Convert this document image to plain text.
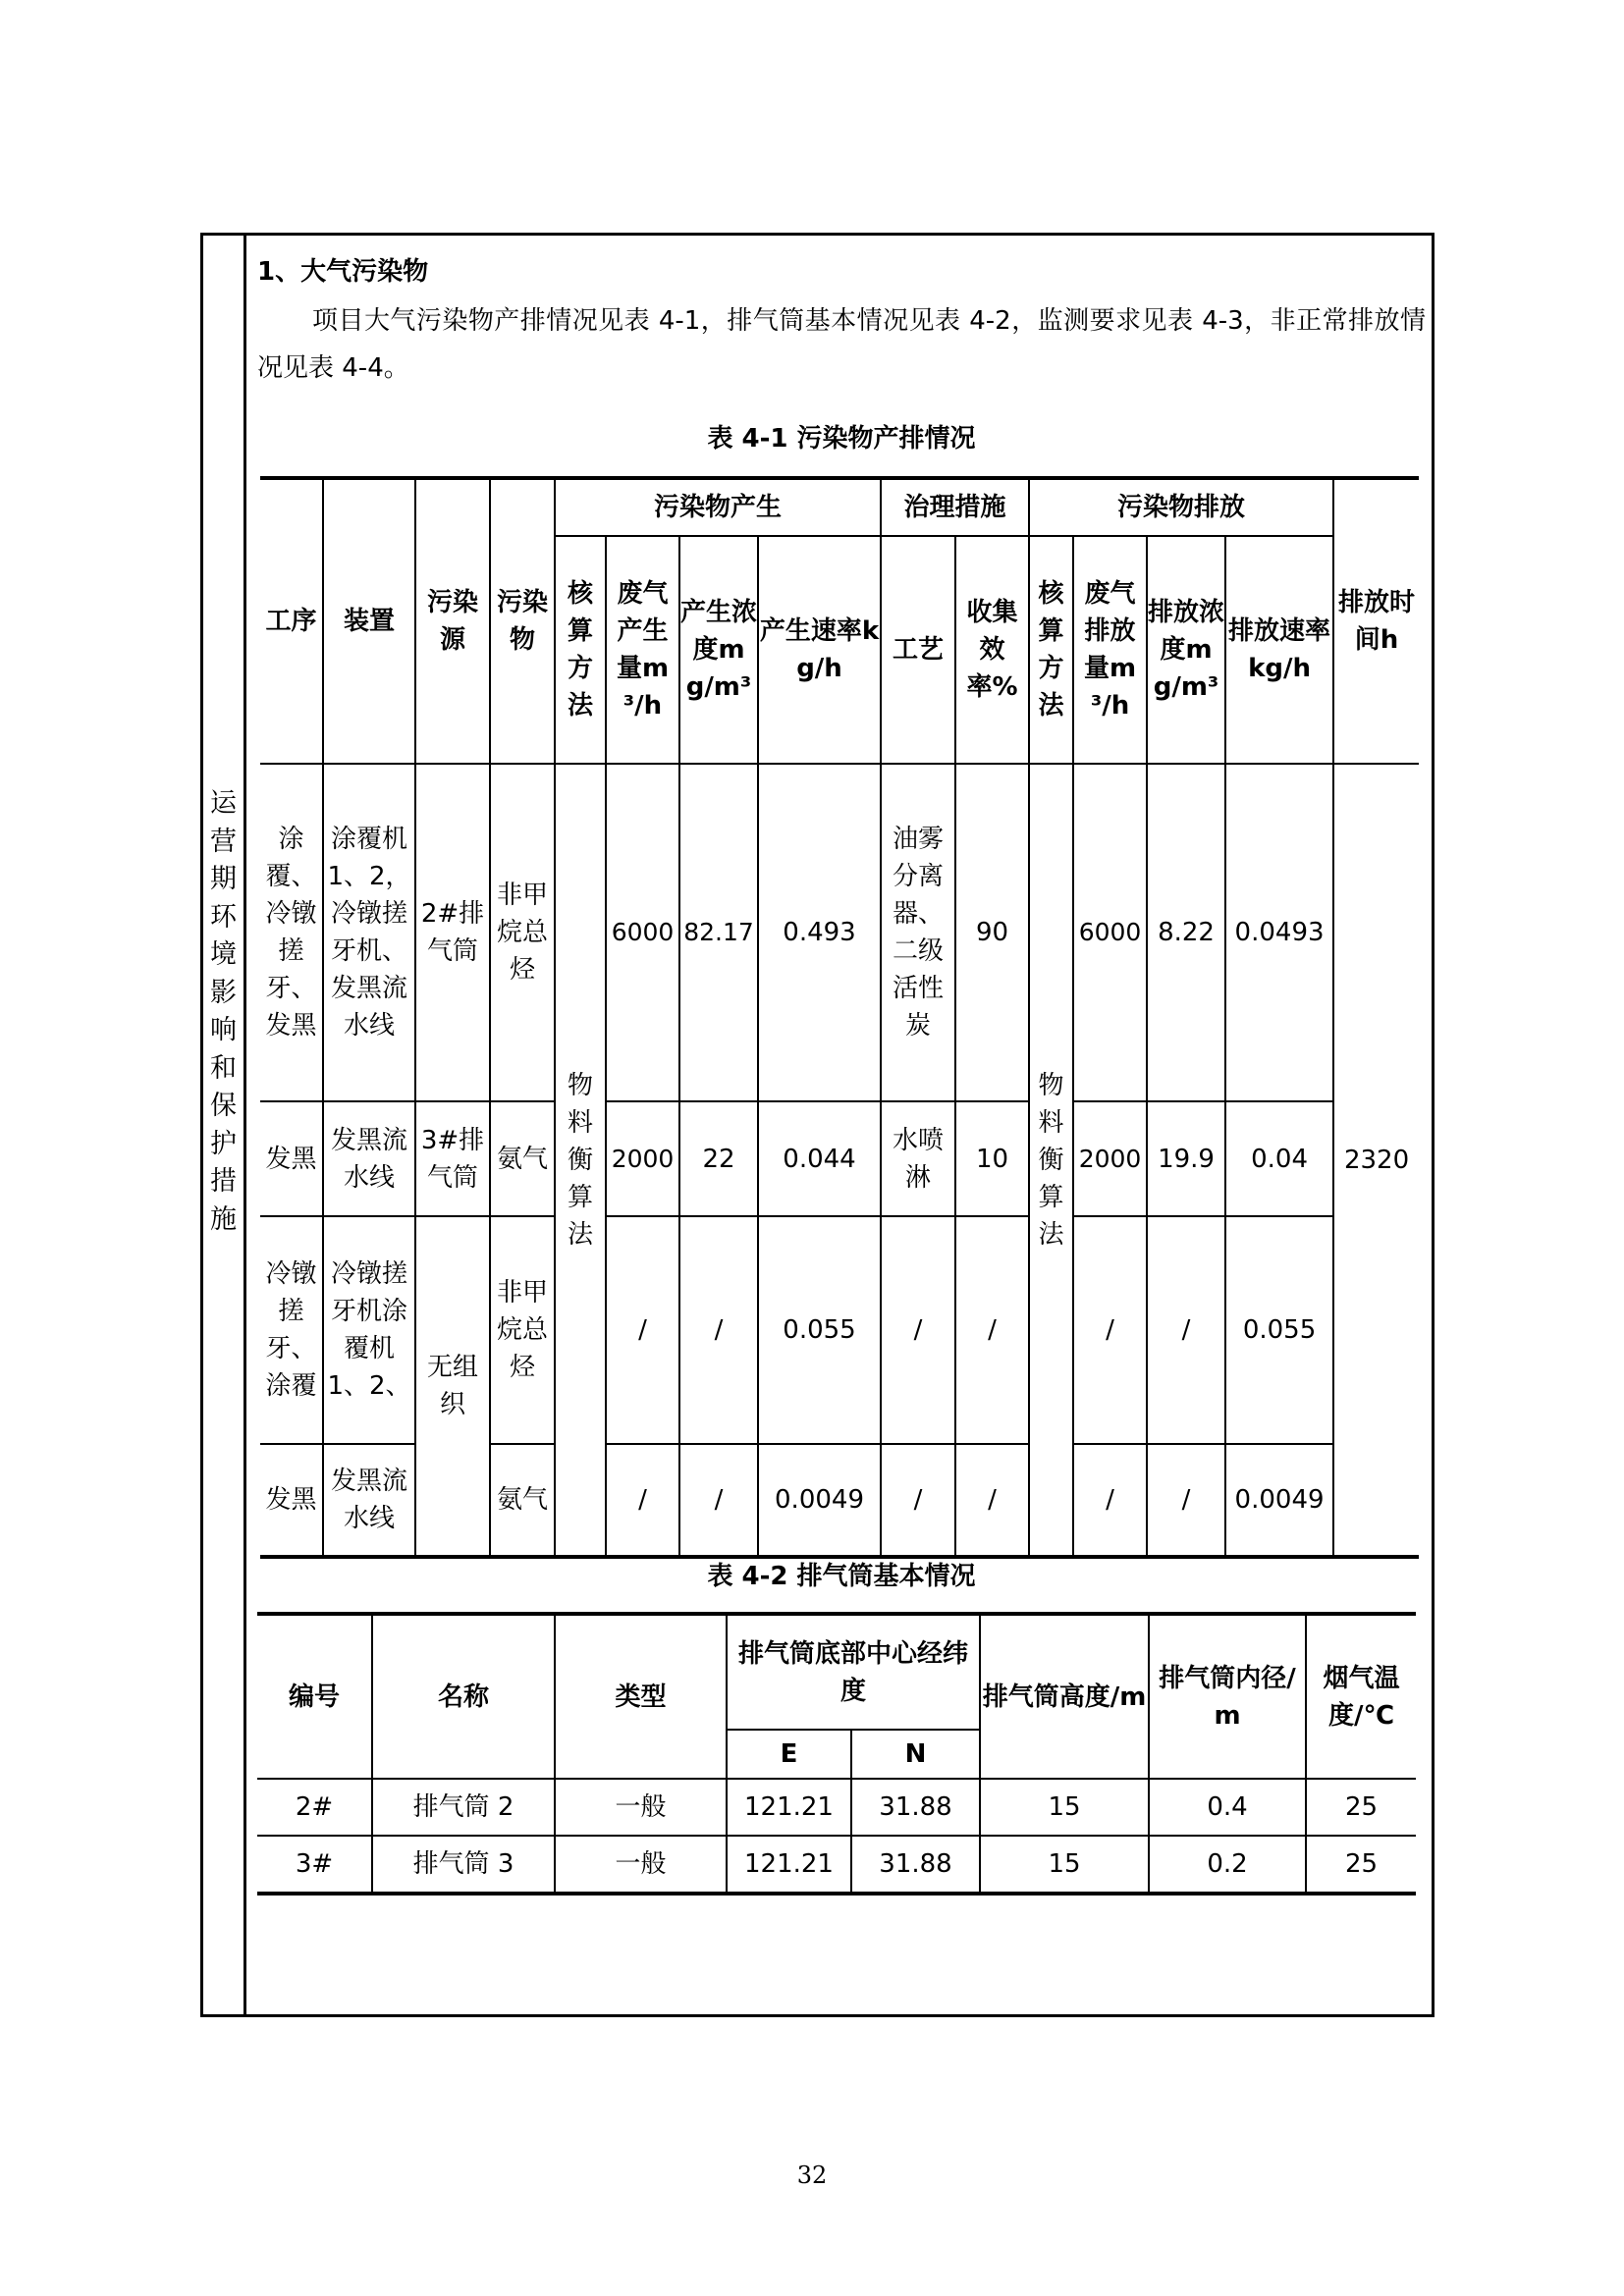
运营期环境影响和保护措施
1、大气污染物
项目大气污染物产排情况见表 4-1，排气筒基本情况见表 4-2，监测要求见表 4-3，非正常排放情况见表 4-4。
表 4-1 污染物产排情况
工序	装置	污染源	污染物	污染物产生				治理措施		污染物排放				排放时间h
				核算方法	废气产生量m³/h	产生浓度mg/m³	产生速率kg/h	工艺	收集效率%	核算方法	废气排放量m³/h	排放浓度mg/m³	排放速率 kg/h	
涂覆、冷镦搓牙、发黑	涂覆机1、2，冷镦搓牙机、发黑流水线	2#排气筒	非甲烷总烃	物料衡算法	6000	82.17	0.493	油雾分离器、二级活性炭	90	物料衡算法	6000	8.22	0.0493	2320
发黑	发黑流水线	3#排气筒	氨气		2000	22	0.044	水喷淋	10		2000	19.9	0.04	
冷镦搓牙、涂覆	冷镦搓牙机涂覆机1、2、	无组织	非甲烷总烃		/	/	0.055	/	/		/	/	0.055	
发黑	发黑流水线		氨气		/	/	0.0049	/	/		/	/	0.0049	
表 4-2 排气筒基本情况
编号	名称	类型	排气筒底部中心经纬度		排气筒高度/m	排气筒内径/m	烟气温度/℃
			E	N			
2#	排气筒 2	一般	121.21	31.88	15	0.4	25
3#	排气筒 3	一般	121.21	31.88	15	0.2	25
32
